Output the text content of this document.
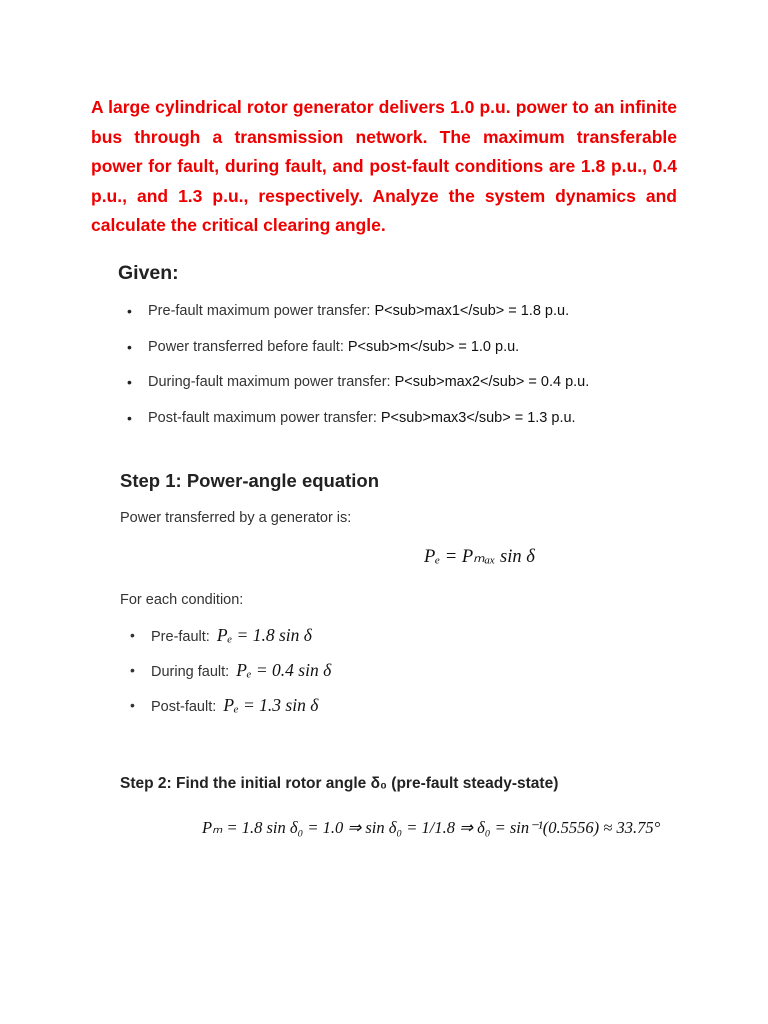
A large cylindrical rotor generator delivers 1.0 p.u. power to an infinite bus through a transmission network. The maximum transferable power for fault, during fault, and post-fault conditions are 1.8 p.u., 0.4 p.u., and 1.3 p.u., respectively. Analyze the system dynamics and calculate the critical clearing angle.

Given:
• Pre-fault maximum power transfer: P<sub>max1</sub> = 1.8 p.u.
• Power transferred before fault: P<sub>m</sub> = 1.0 p.u.
• During-fault maximum power transfer: P<sub>max2</sub> = 0.4 p.u.
• Post-fault maximum power transfer: P<sub>max3</sub> = 1.3 p.u.
Step 1: Power-angle equation

Power transferred by a generator is:

Pₑ = Pₘₐₓ sin δ

For each condition:

• Pre-fault: Pₑ = 1.8 sin δ
• During fault: Pₑ = 0.4 sin δ
• Post-fault: Pₑ = 1.3 sin δ
Step 2: Find the initial rotor angle δ₀ (pre-fault steady-state)
Pₘ = 1.8 sin δ₀ = 1.0 ⇒ sin δ₀ = 1/1.8 ⇒ δ₀ = sin⁻¹(0.5556) ≈ 33.75°
